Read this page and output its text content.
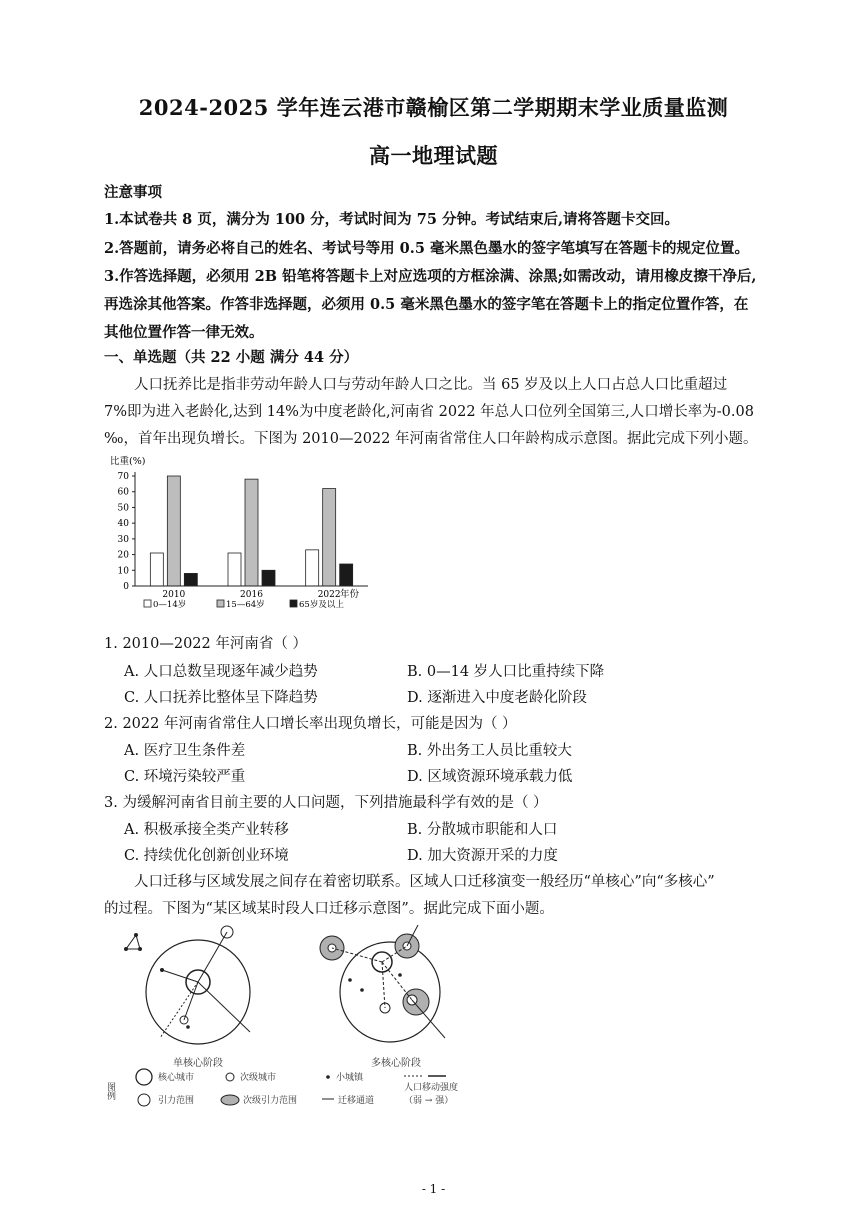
2024-2025 学年连云港市赣榆区第二学期期末学业质量监测
高一地理试题
注意事项
1.本试卷共 8 页，满分为 100 分，考试时间为 75 分钟。考试结束后,请将答题卡交回。
2.答题前，请务必将自己的姓名、考试号等用 0.5 毫米黑色墨水的签字笔填写在答题卡的规定位置。
3.作答选择题，必须用 2B 铅笔将答题卡上对应选项的方框涂满、涂黑;如需改动，请用橡皮擦干净后,
再选涂其他答案。作答非选择题，必须用 0.5 毫米黑色墨水的签字笔在答题卡上的指定位置作答，在
其他位置作答一律无效。
一、单选题（共 22 小题 满分 44 分）
人口抚养比是指非劳动年龄人口与劳动年龄人口之比。当 65 岁及以上人口占总人口比重超过
7%即为进入老龄化,达到 14%为中度老龄化,河南省 2022 年总人口位列全国第三,人口增长率为-0.08
‰，首年出现负增长。下图为 2010—2022 年河南省常住人口年龄构成示意图。据此完成下列小题。
比重(%)
0
10
20
30
40
50
60
70
2010	2016	2022 年份
0—14岁	15—64岁	65岁及以上
1. 2010—2022 年河南省（ ）
A. 人口总数呈现逐年减少趋势	B. 0—14 岁人口比重持续下降
C. 人口抚养比整体呈下降趋势	D. 逐渐进入中度老龄化阶段
2. 2022 年河南省常住人口增长率出现负增长，可能是因为（ ）
A. 医疗卫生条件差	B. 外出务工人员比重较大
C. 环境污染较严重	D. 区域资源环境承载力低
3. 为缓解河南省目前主要的人口问题，下列措施最科学有效的是（ ）
A. 积极承接全类产业转移	B. 分散城市职能和人口
C. 持续优化创新创业环境	D. 加大资源开采的力度
人口迁移与区域发展之间存在着密切联系。区域人口迁移演变一般经历“单核心”向“多核心”
的过程。下图为“某区域某时段人口迁移示意图”。据此完成下面小题。
单核心阶段	多核心阶段
图例
核心城市	次级城市	小城镇
人口移动强度
引力范围	次级引力范围	迁移通道	（弱 → 强）
- 1 -
